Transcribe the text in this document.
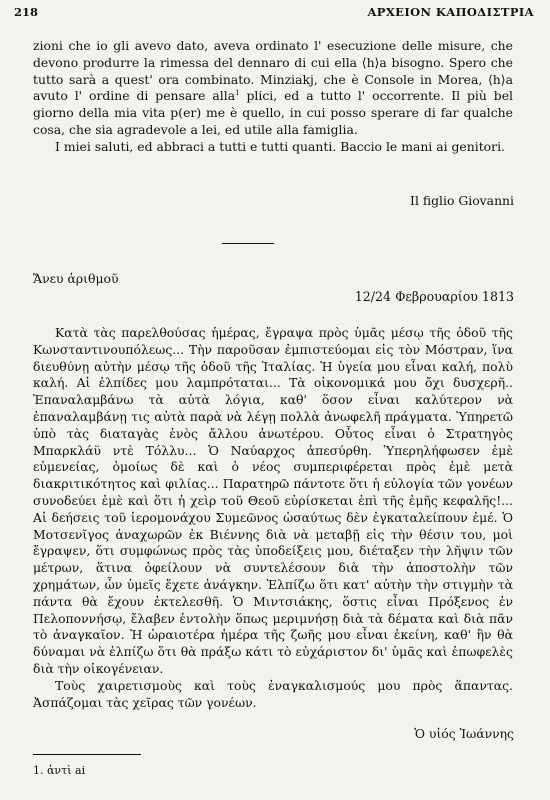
218	ΑΡΧΕΙΟΝ ΚΑΠΟΔΙΣΤΡΙΑ

zioni che io gli avevo dato, aveva ordinato l' esecuzione delle misure, che devono produrre la rimessa del dennaro di cui ella ⟨h⟩a bisogno. Spero che tutto sarà a quest' ora combinato. Minziakj, che è Console in Morea, ⟨h⟩a avuto l' ordine di pensare alla$^1$ plici, ed a tutto l' occorrente. Il più bel giorno della mia vita p(er) me è quello, in cui posso sperare di far qualche cosa, che sia agradevole a lei, ed utile alla famiglia.

I miei saluti, ed abbraci a tutti e tutti quanti. Baccio le mani ai genitori.

Il figlio Giovanni
Ἄνευ ἀριθμοῦ
12/24 Φεβρουαρίου 1813

Κατὰ τὰς παρελθούσας ἡμέρας, ἔγραψα πρὸς ὑμᾶς μέσῳ τῆς ὁδοῦ τῆς Κωνσταντινουπόλεως... Τὴν παροῦσαν ἐμπιστεύομαι εἰς τὸν Μόστραν, ἵνα διευθύνῃ αὐτὴν μέσῳ τῆς ὁδοῦ τῆς Ἰταλίας. Ἡ ὑγεία μου εἶναι καλή, πολὺ καλή. Αἱ ἐλπίδες μου λαμπρόταται... Τὰ οἰκονομικά μου ὄχι δυσχερῆ.. Ἐπαναλαμβάνω τὰ αὐτὰ λόγια, καθ' ὅσον εἶναι καλύτερον νὰ ἐπαναλαμβάνῃ τις αὐτὰ παρὰ νὰ λέγῃ πολλὰ ἀνωφελῆ πράγματα. Ὑπηρετῶ ὑπὸ τὰς διαταγὰς ἑνὸς ἄλλου ἀνωτέρου. Οὗτος εἶναι ὁ Στρατηγὸς Μπαρκλάϋ ντὲ Τόλλυ... Ὁ Ναύαρχος ἀπεσύρθη. Ὑπερηλήφωσεν ἐμὲ εὐμενείας, ὁμοίως δὲ καὶ ὁ νέος συμπεριφέρεται πρὸς ἐμὲ μετὰ διακριτικότητος καὶ φιλίας... Παρατηρῶ πάντοτε ὅτι ἡ εὐλογία τῶν γονέων συνοδεύει ἐμὲ καὶ ὅτι ἡ χεὶρ τοῦ Θεοῦ εὑρίσκεται ἐπὶ τῆς ἐμῆς κεφαλῆς!... Αἱ δεήσεις τοῦ ἱερομονάχου Συμεῶνος ὡσαύτως δὲν ἐγκαταλείπουν ἐμέ. Ὁ Μοτσενῖγος ἀναχωρῶν ἐκ Βιέννης διὰ νὰ μεταβῇ εἰς τὴν θέσιν του, μοὶ ἔγραψεν, ὅτι συμφώνως πρὸς τὰς ὑποδείξεις μου, διέταξεν τὴν λῆψιν τῶν μέτρων, ἅτινα ὀφείλουν νὰ συντελέσουν διὰ τὴν ἀποστολὴν τῶν χρημάτων, ὧν ὑμεῖς ἔχετε ἀνάγκην. Ἐλπίζω ὅτι κατ' αὐτὴν τὴν στιγμὴν τὰ πάντα θὰ ἔχουν ἐκτελεσθῆ. Ὁ Μιντσιάκης, ὅστις εἶναι Πρόξενος ἐν Πελοποννήσῳ, ἔλαβεν ἐντολὴν ὅπως μεριμνήσῃ διὰ τὰ δέματα καὶ διὰ πᾶν τὸ ἀναγκαῖον. Ἡ ὡραιοτέρα ἡμέρα τῆς ζωῆς μου εἶναι ἐκείνη, καθ' ἣν θὰ δύναμαι νὰ ἐλπίζω ὅτι θὰ πράξω κάτι τὸ εὐχάριστον δι' ὑμᾶς καὶ ἐπωφελὲς διὰ τὴν οἰκογένειαν.

Τοὺς χαιρετισμοὺς καὶ τοὺς ἐναγκαλισμούς μου πρὸς ἅπαντας. Ἀσπάζομαι τὰς χεῖρας τῶν γονέων.

Ὁ υἱός Ἰωάννης
1. ἀντὶ ai
